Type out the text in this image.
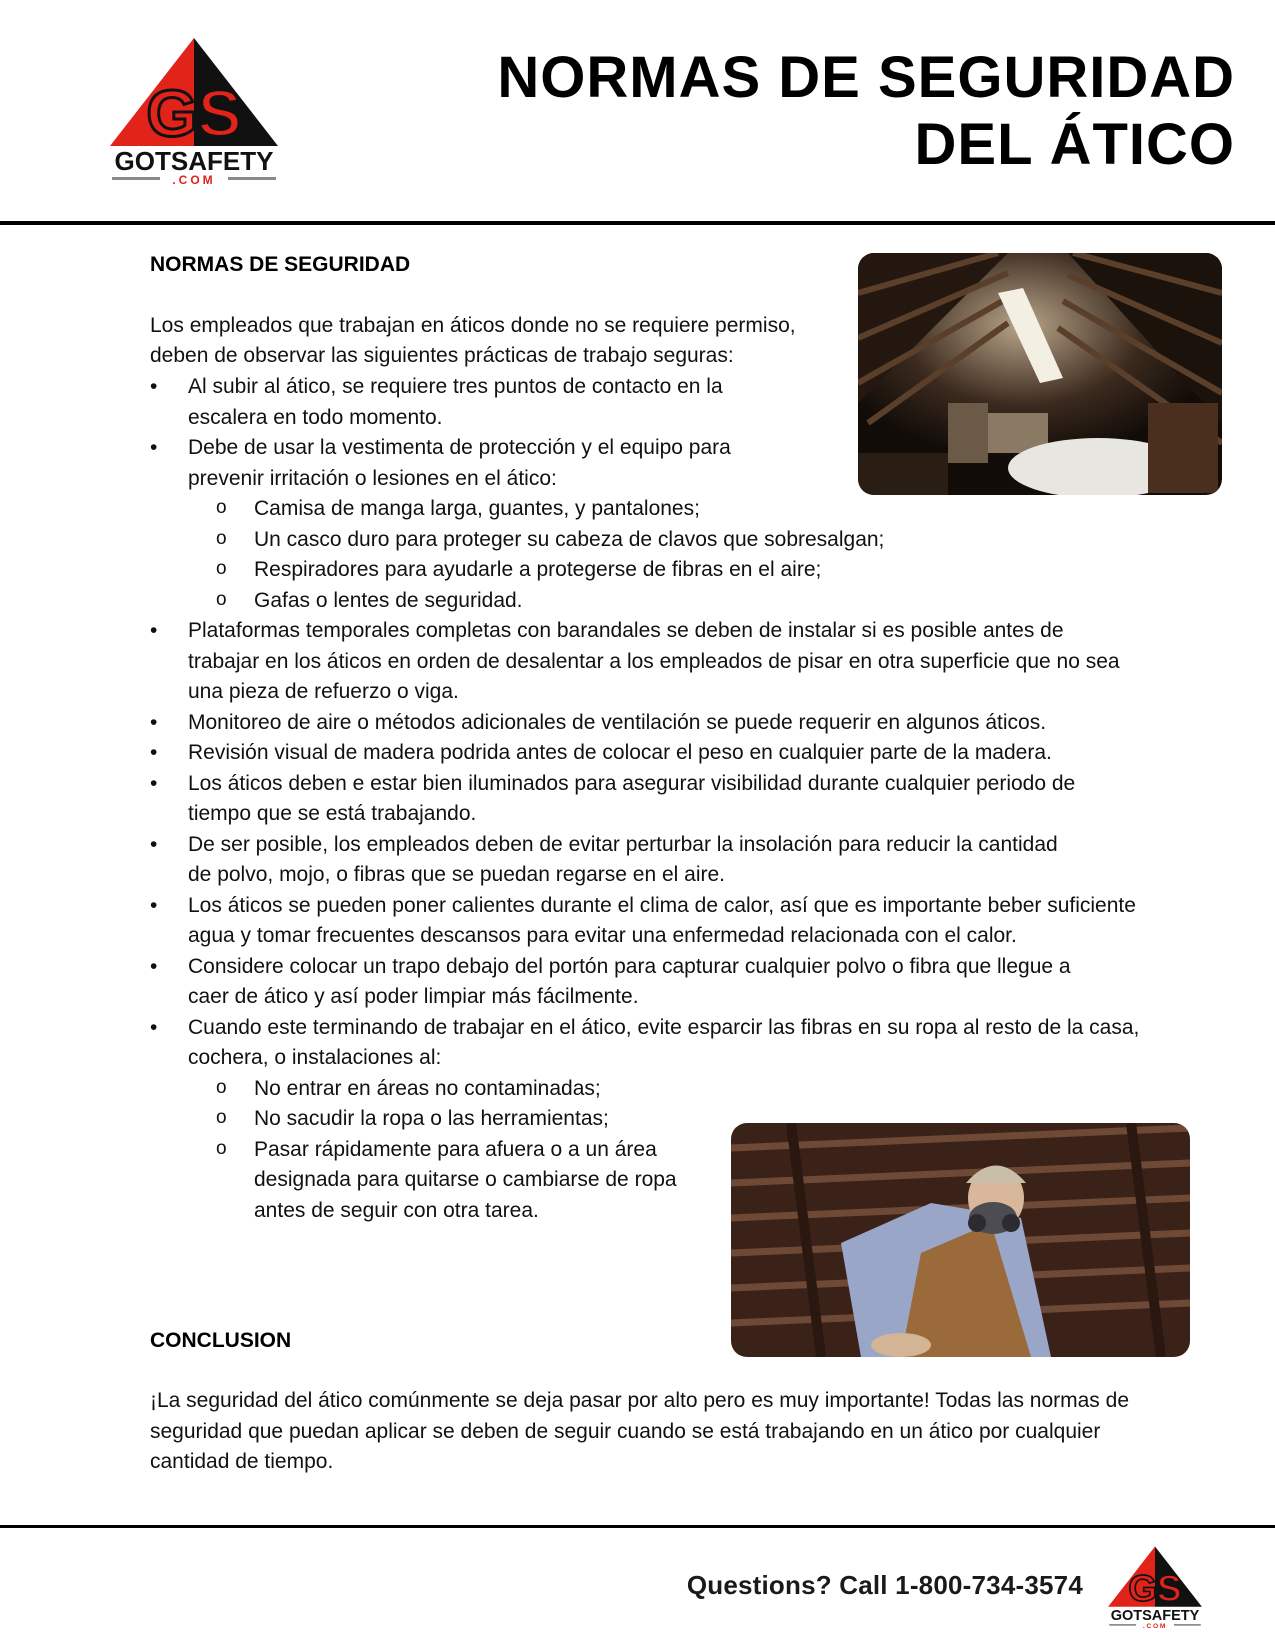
GS
GOTSAFETY
.COM
NORMAS DE SEGURIDAD
DEL ÁTICO
NORMAS DE SEGURIDAD
Los empleados que trabajan en áticos donde no se requiere permiso, deben de observar las siguientes prácticas de trabajo seguras:
• Al subir al ático, se requiere tres puntos de contacto en la escalera en todo momento.
• Debe de usar la vestimenta de protección y el equipo para prevenir irritación o lesiones en el ático:
o Camisa de manga larga, guantes, y pantalones;
o Un casco duro para proteger su cabeza de clavos que sobresalgan;
o Respiradores para ayudarle a protegerse de fibras en el aire;
o Gafas o lentes de seguridad.
• Plataformas temporales completas con barandales se deben de instalar si es posible antes de trabajar en los áticos en orden de desalentar a los empleados de pisar en otra superficie que no sea una pieza de refuerzo o viga.
• Monitoreo de aire o métodos adicionales de ventilación se puede requerir en algunos áticos.
• Revisión visual de madera podrida antes de colocar el peso en cualquier parte de la madera.
• Los áticos deben e estar bien iluminados para asegurar visibilidad durante cualquier periodo de tiempo que se está trabajando.
• De ser posible, los empleados deben de evitar perturbar la insolación para reducir la cantidad de polvo, mojo, o fibras que se puedan regarse en el aire.
• Los áticos se pueden poner calientes durante el clima de calor, así que es importante beber suficiente agua y tomar frecuentes descansos para evitar una enfermedad relacionada con el calor.
• Considere colocar un trapo debajo del portón para capturar cualquier polvo o fibra que llegue a caer de ático y así poder limpiar más fácilmente.
• Cuando este terminando de trabajar en el ático, evite esparcir las fibras en su ropa al resto de la casa, cochera, o instalaciones al:
o No entrar en áreas no contaminadas;
o No sacudir la ropa o las herramientas;
o Pasar rápidamente para afuera o a un área designada para quitarse o cambiarse de ropa antes de seguir con otra tarea.
CONCLUSION
¡La seguridad del ático comúnmente se deja pasar por alto pero es muy importante! Todas las normas de seguridad que puedan aplicar se deben de seguir cuando se está trabajando en un ático por cualquier cantidad de tiempo.
Questions? Call 1-800-734-3574 GS
GOTSAFETY
.COM
